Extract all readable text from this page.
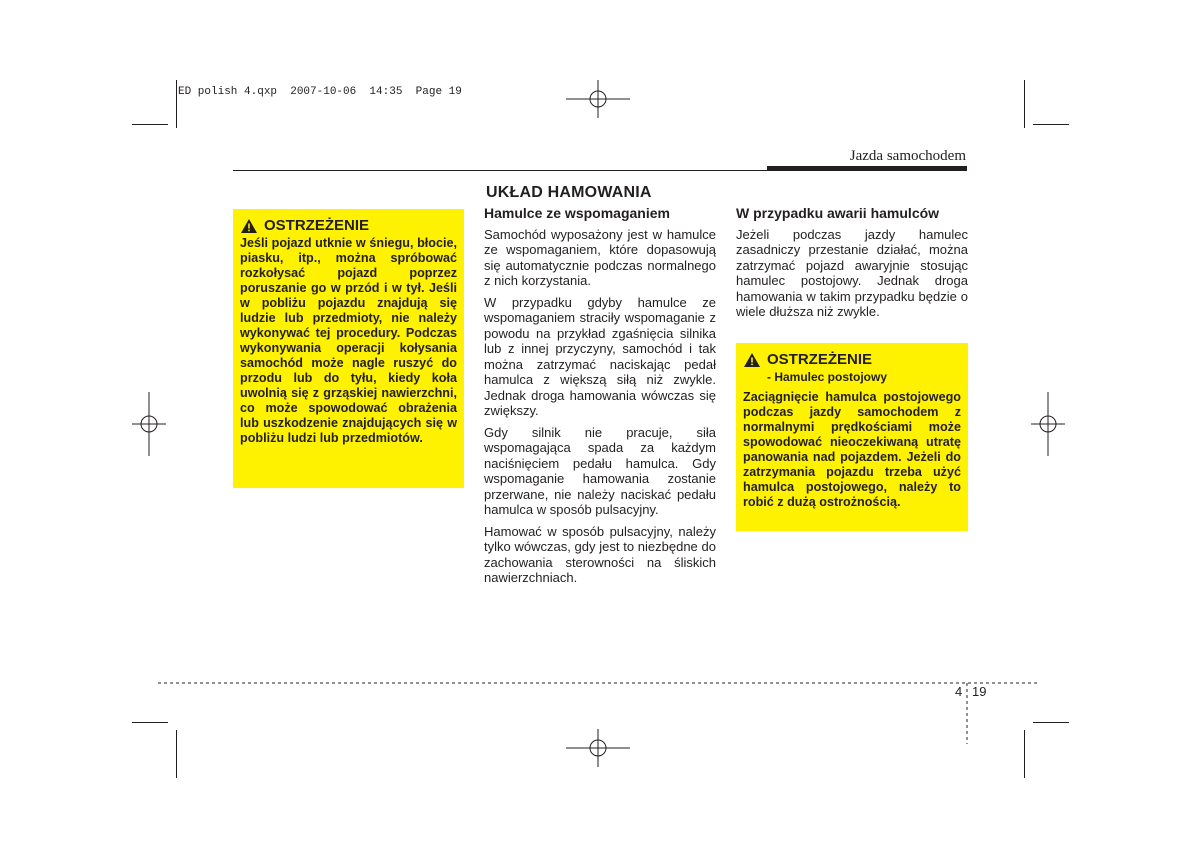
ED polish 4.qxp  2007-10-06  14:35  Page 19
Jazda samochodem
UKŁAD HAMOWANIA
OSTRZEŻENIE
Jeśli pojazd utknie w śniegu, błocie, piasku, itp., można spróbować rozkołysać pojazd poprzez poruszanie go w przód i w tył. Jeśli w pobliżu pojazdu znajdują się ludzie lub przedmioty, nie należy wykonywać tej procedury. Podczas wykonywania operacji kołysania samochód może nagle ruszyć do przodu lub do tyłu, kiedy koła uwolnią się z grząskiej nawierzchni, co może spowodować obrażenia lub uszkodzenie znajdujących się w pobliżu ludzi lub przedmiotów.
Hamulce ze wspomaganiem

Samochód wyposażony jest w hamulce ze wspomaganiem, które dopasowują się automatycznie podczas normalnego z nich korzystania.

W przypadku gdyby hamulce ze wspomaganiem straciły wspomaganie z powodu na przykład zgaśnięcia silnika lub z innej przyczyny, samochód i tak można zatrzymać naciskając pedał hamulca z większą siłą niż zwykle. Jednak droga hamowania wówczas się zwiększy.

Gdy silnik nie pracuje, siła wspomagająca spada za każdym naciśnięciem pedału hamulca. Gdy wspomaganie hamowania zostanie przerwane, nie należy naciskać pedału hamulca w sposób pulsacyjny.

Hamować w sposób pulsacyjny, należy tylko wówczas, gdy jest to niezbędne do zachowania sterowności na śliskich nawierzchniach.

W przypadku awarii hamulców

Jeżeli podczas jazdy hamulec zasadniczy przestanie działać, można zatrzymać pojazd awaryjnie stosując hamulec postojowy. Jednak droga hamowania w takim przypadku będzie o wiele dłuższa niż zwykle.

OSTRZEŻENIE
- Hamulec postojowy
Zaciągnięcie hamulca postojowego podczas jazdy samochodem z normalnymi prędkościami może spowodować nieoczekiwaną utratę panowania nad pojazdem. Jeżeli do zatrzymania pojazdu trzeba użyć hamulca postojowego, należy to robić z dużą ostrożnością.
4 19
